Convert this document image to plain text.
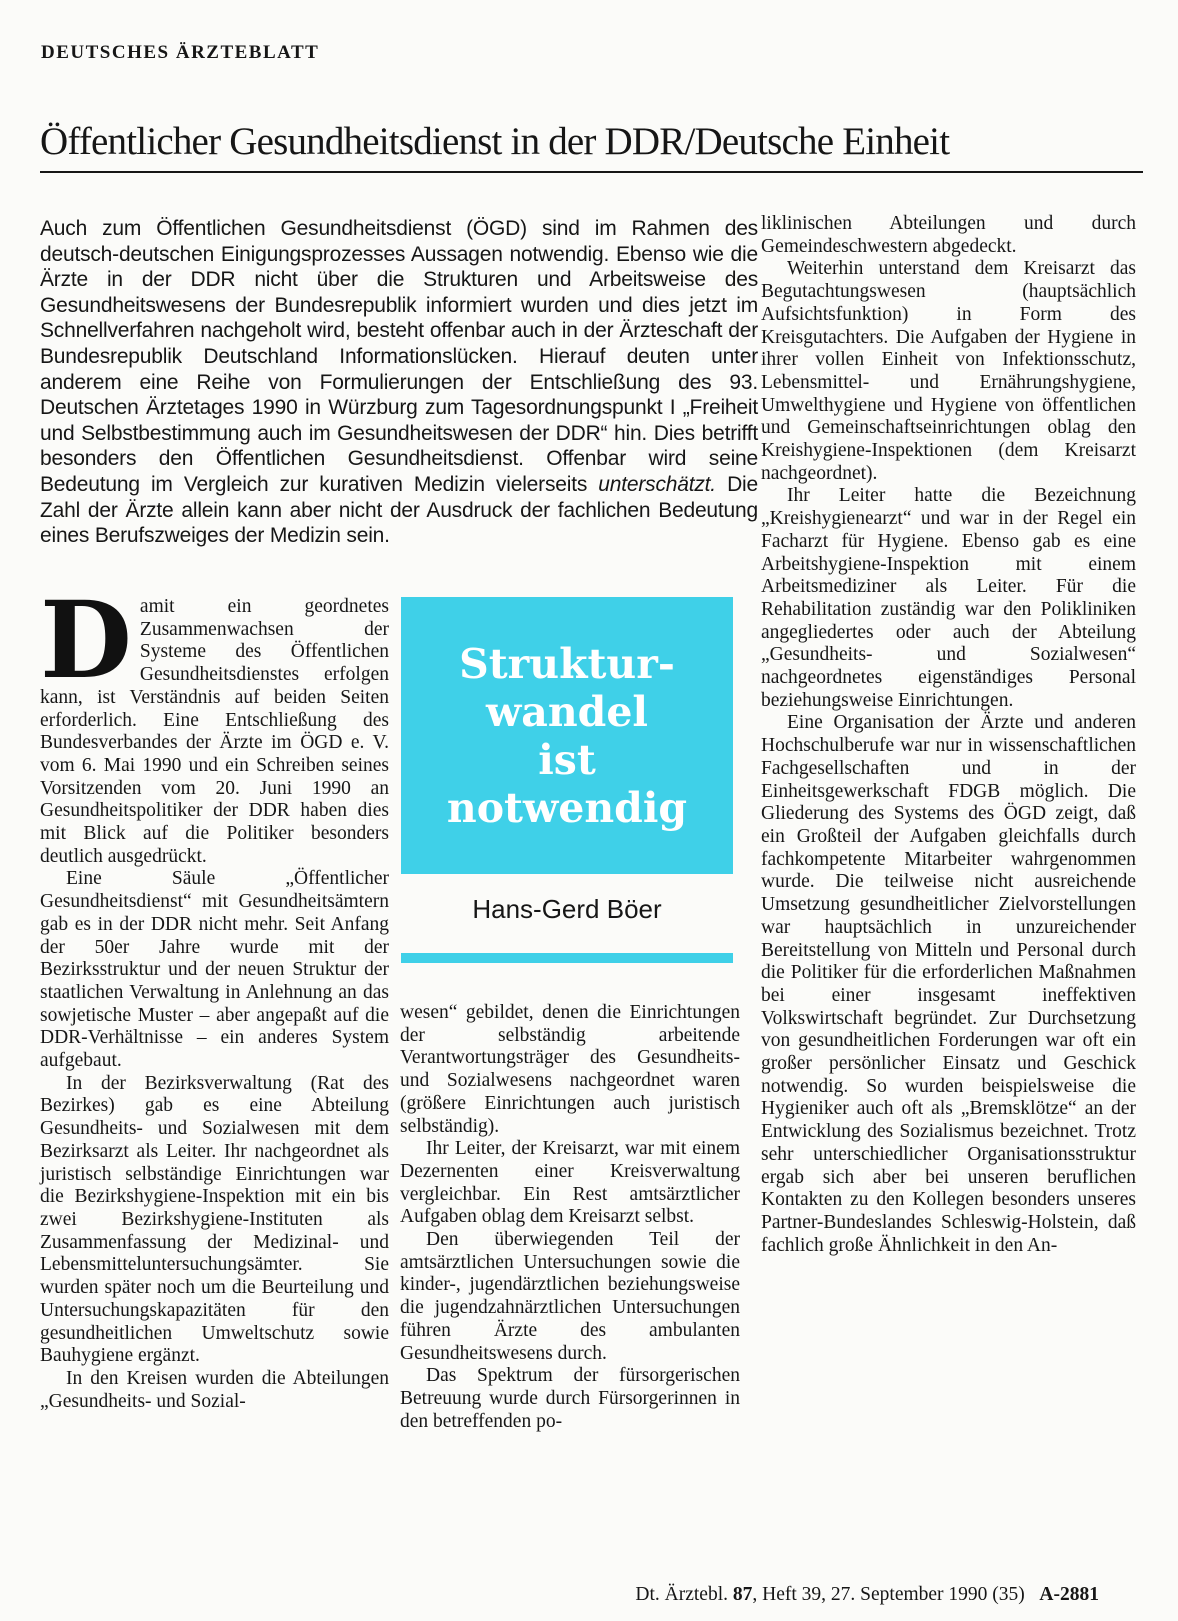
DEUTSCHES ÄRZTEBLATT
Öffentlicher Gesundheitsdienst in der DDR/Deutsche Einheit

Auch zum Öffentlichen Gesundheitsdienst (ÖGD) sind im Rahmen des deutsch-deutschen Einigungsprozesses Aussagen notwendig. Ebenso wie die Ärzte in der DDR nicht über die Strukturen und Arbeitsweise des Gesundheitswesens der Bundesrepublik informiert wurden und dies jetzt im Schnellverfahren nachgeholt wird, besteht offenbar auch in der Ärzteschaft der Bundesrepublik Deutschland Informationslücken. Hierauf deuten unter anderem eine Reihe von Formulierungen der Entschließung des 93. Deutschen Ärztetages 1990 in Würzburg zum Tagesordnungspunkt I „Freiheit und Selbstbestimmung auch im Gesundheitswesen der DDR“ hin. Dies betrifft besonders den Öffentlichen Gesundheitsdienst. Offenbar wird seine Bedeutung im Vergleich zur kurativen Medizin vielerseits unterschätzt. Die Zahl der Ärzte allein kann aber nicht der Ausdruck der fachlichen Bedeutung eines Berufszweiges der Medizin sein.

Damit ein geordnetes Zusammenwachsen der Systeme des Öffentlichen Gesundheitsdienstes erfolgen kann, ist Verständnis auf beiden Seiten erforderlich. Eine Entschließung des Bundesverbandes der Ärzte im ÖGD e. V. vom 6. Mai 1990 und ein Schreiben seines Vorsitzenden vom 20. Juni 1990 an Gesundheitspolitiker der DDR haben dies mit Blick auf die Politiker besonders deutlich ausgedrückt.

Eine Säule „Öffentlicher Gesundheitsdienst“ mit Gesundheitsämtern gab es in der DDR nicht mehr. Seit Anfang der 50er Jahre wurde mit der Bezirksstruktur und der neuen Struktur der staatlichen Verwaltung in Anlehnung an das sowjetische Muster – aber angepaßt auf die DDR-Verhältnisse – ein anderes System aufgebaut.

In der Bezirksverwaltung (Rat des Bezirkes) gab es eine Abteilung Gesundheits- und Sozialwesen mit dem Bezirksarzt als Leiter. Ihr nachgeordnet als juristisch selbständige Einrichtungen war die Bezirkshygiene-Inspektion mit ein bis zwei Bezirkshygiene-Instituten als Zusammenfassung der Medizinal- und Lebensmitteluntersuchungsämter. Sie wurden später noch um die Beurteilung und Untersuchungskapazitäten für den gesundheitlichen Umweltschutz sowie Bauhygiene ergänzt.

In den Kreisen wurden die Abteilungen „Gesundheits- und Sozial-

Struktur-
wandel
ist
notwendig
Hans-Gerd Böer

wesen“ gebildet, denen die Einrichtungen der selbständig arbeitende Verantwortungsträger des Gesundheits- und Sozialwesens nachgeordnet waren (größere Einrichtungen auch juristisch selbständig).

Ihr Leiter, der Kreisarzt, war mit einem Dezernenten einer Kreisverwaltung vergleichbar. Ein Rest amtsärztlicher Aufgaben oblag dem Kreisarzt selbst.

Den überwiegenden Teil der amtsärztlichen Untersuchungen sowie die kinder-, jugendärztlichen beziehungsweise die jugendzahnärztlichen Untersuchungen führen Ärzte des ambulanten Gesundheitswesens durch.

Das Spektrum der fürsorgerischen Betreuung wurde durch Fürsorgerinnen in den betreffenden po-

liklinischen Abteilungen und durch Gemeindeschwestern abgedeckt.

Weiterhin unterstand dem Kreisarzt das Begutachtungswesen (hauptsächlich Aufsichtsfunktion) in Form des Kreisgutachters. Die Aufgaben der Hygiene in ihrer vollen Einheit von Infektionsschutz, Lebensmittel- und Ernährungshygiene, Umwelthygiene und Hygiene von öffentlichen und Gemeinschaftseinrichtungen oblag den Kreishygiene-Inspektionen (dem Kreisarzt nachgeordnet).

Ihr Leiter hatte die Bezeichnung „Kreishygienearzt“ und war in der Regel ein Facharzt für Hygiene. Ebenso gab es eine Arbeitshygiene-Inspektion mit einem Arbeitsmediziner als Leiter. Für die Rehabilitation zuständig war den Polikliniken angegliedertes oder auch der Abteilung „Gesundheits- und Sozialwesen“ nachgeordnetes eigenständiges Personal beziehungsweise Einrichtungen.

Eine Organisation der Ärzte und anderen Hochschulberufe war nur in wissenschaftlichen Fachgesellschaften und in der Einheitsgewerkschaft FDGB möglich. Die Gliederung des Systems des ÖGD zeigt, daß ein Großteil der Aufgaben gleichfalls durch fachkompetente Mitarbeiter wahrgenommen wurde. Die teilweise nicht ausreichende Umsetzung gesundheitlicher Zielvorstellungen war hauptsächlich in unzureichender Bereitstellung von Mitteln und Personal durch die Politiker für die erforderlichen Maßnahmen bei einer insgesamt ineffektiven Volkswirtschaft begründet. Zur Durchsetzung von gesundheitlichen Forderungen war oft ein großer persönlicher Einsatz und Geschick notwendig. So wurden beispielsweise die Hygieniker auch oft als „Bremsklötze“ an der Entwicklung des Sozialismus bezeichnet. Trotz sehr unterschiedlicher Organisationsstruktur ergab sich aber bei unseren beruflichen Kontakten zu den Kollegen besonders unseres Partner-Bundeslandes Schleswig-Holstein, daß fachlich große Ähnlichkeit in den An-

Dt. Ärztebl. 87, Heft 39, 27. September 1990 (35) A-2881
